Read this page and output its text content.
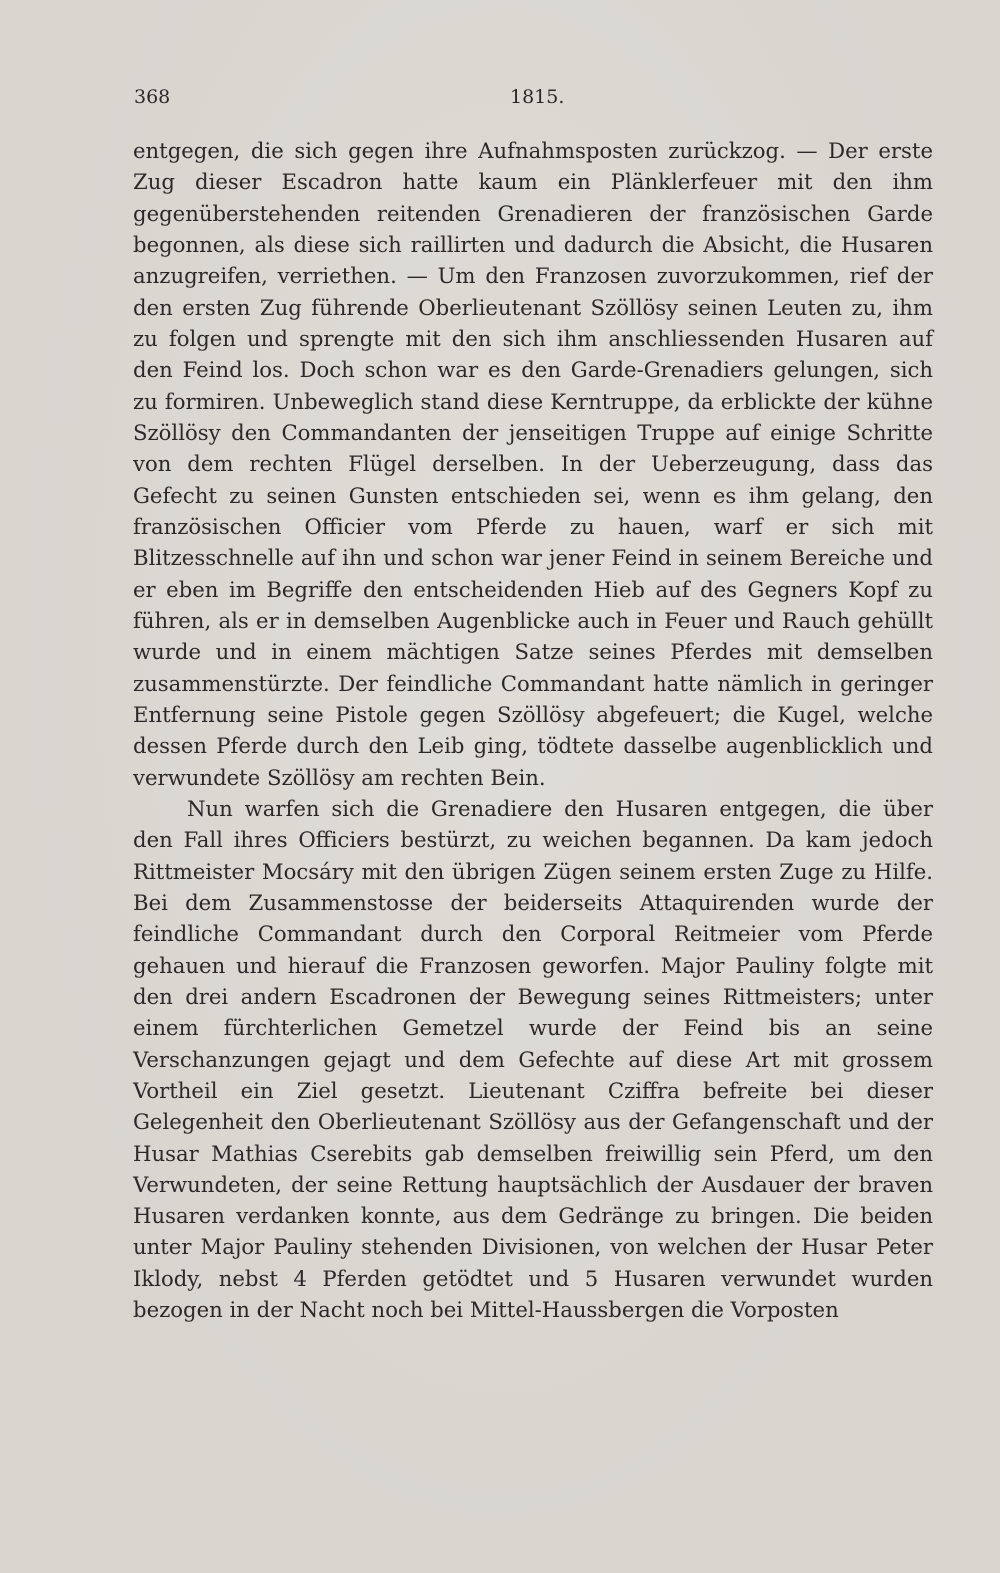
368	1815.

entgegen, die sich gegen ihre Aufnahmsposten zurückzog. — Der erste Zug dieser Escadron hatte kaum ein Plänklerfeuer mit den ihm gegenüberstehenden reitenden Grenadieren der französischen Garde begonnen, als diese sich raillirten und dadurch die Absicht, die Husaren anzugreifen, verriethen. — Um den Franzosen zuvorzukommen, rief der den ersten Zug führende Oberlieutenant Szöllösy seinen Leuten zu, ihm zu folgen und sprengte mit den sich ihm anschliessenden Husaren auf den Feind los. Doch schon war es den Garde-Grenadiers gelungen, sich zu formiren. Unbeweglich stand diese Kerntruppe, da erblickte der kühne Szöllösy den Commandanten der jenseitigen Truppe auf einige Schritte von dem rechten Flügel derselben. In der Ueberzeugung, dass das Gefecht zu seinen Gunsten entschieden sei, wenn es ihm gelang, den französischen Officier vom Pferde zu hauen, warf er sich mit Blitzesschnelle auf ihn und schon war jener Feind in seinem Bereiche und er eben im Begriffe den entscheidenden Hieb auf des Gegners Kopf zu führen, als er in demselben Augenblicke auch in Feuer und Rauch gehüllt wurde und in einem mächtigen Satze seines Pferdes mit demselben zusammenstürzte. Der feindliche Commandant hatte nämlich in geringer Entfernung seine Pistole gegen Szöllösy abgefeuert; die Kugel, welche dessen Pferde durch den Leib ging, tödtete dasselbe augenblicklich und verwundete Szöllösy am rechten Bein.

Nun warfen sich die Grenadiere den Husaren entgegen, die über den Fall ihres Officiers bestürzt, zu weichen begannen. Da kam jedoch Rittmeister Mocsáry mit den übrigen Zügen seinem ersten Zuge zu Hilfe. Bei dem Zusammenstosse der beiderseits Attaquirenden wurde der feindliche Commandant durch den Corporal Reitmeier vom Pferde gehauen und hierauf die Franzosen geworfen. Major Pauliny folgte mit den drei andern Escadronen der Bewegung seines Rittmeisters; unter einem fürchterlichen Gemetzel wurde der Feind bis an seine Verschanzungen gejagt und dem Gefechte auf diese Art mit grossem Vortheil ein Ziel gesetzt. Lieutenant Cziffra befreite bei dieser Gelegenheit den Oberlieutenant Szöllösy aus der Gefangenschaft und der Husar Mathias Cserebits gab demselben freiwillig sein Pferd, um den Verwundeten, der seine Rettung hauptsächlich der Ausdauer der braven Husaren verdanken konnte, aus dem Gedränge zu bringen. Die beiden unter Major Pauliny stehenden Divisionen, von welchen der Husar Peter Iklody, nebst 4 Pferden getödtet und 5 Husaren verwundet wurden bezogen in der Nacht noch bei Mittel-Haussbergen die Vorposten
